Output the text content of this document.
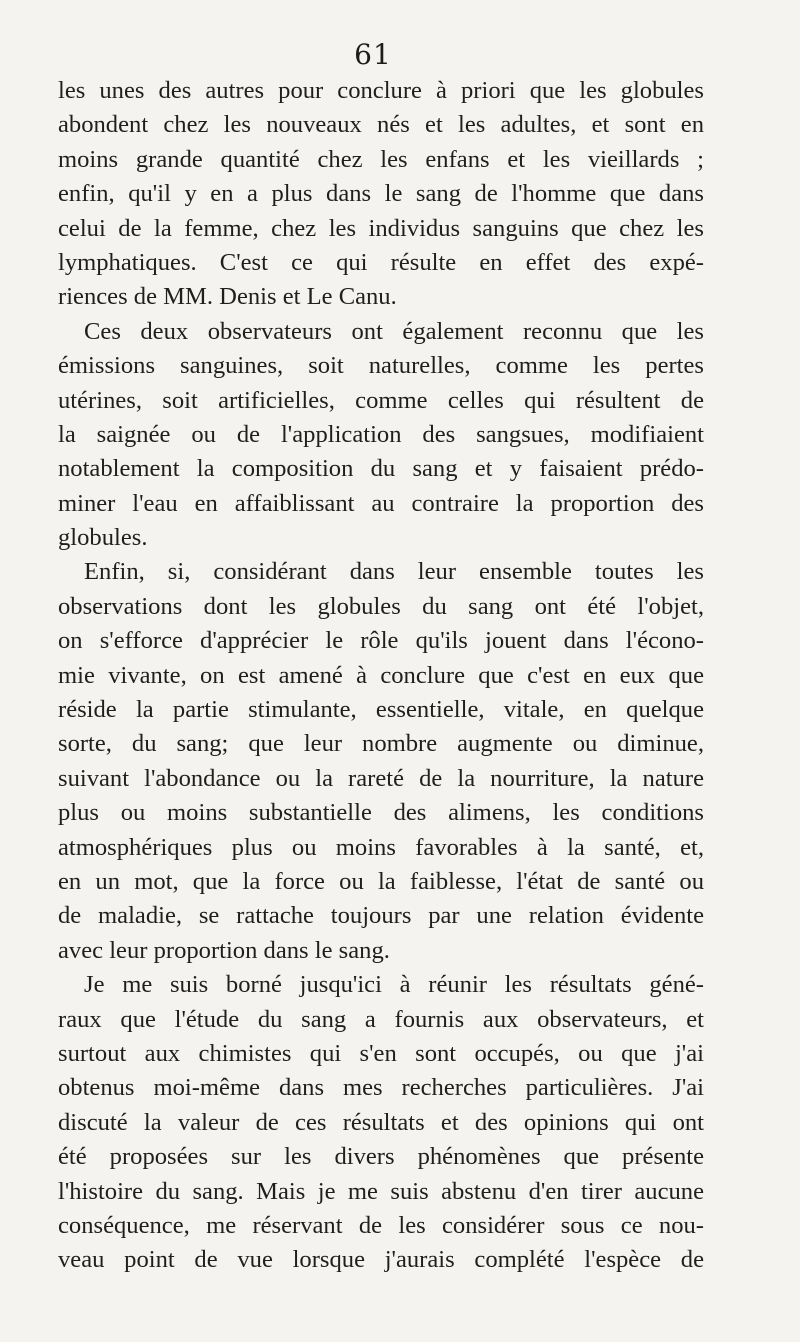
61
les unes des autres pour conclure à priori que les globules
abondent chez les nouveaux nés et les adultes, et sont en
moins grande quantité chez les enfans et les vieillards ;
enfin, qu'il y en a plus dans le sang de l'homme que dans
celui de la femme, chez les individus sanguins que chez les
lymphatiques. C'est ce qui résulte en effet des expé-
riences de MM. Denis et Le Canu.
Ces deux observateurs ont également reconnu que les
émissions sanguines, soit naturelles, comme les pertes
utérines, soit artificielles, comme celles qui résultent de
la saignée ou de l'application des sangsues, modifiaient
notablement la composition du sang et y faisaient prédo-
miner l'eau en affaiblissant au contraire la proportion des
globules.
Enfin, si, considérant dans leur ensemble toutes les
observations dont les globules du sang ont été l'objet,
on s'efforce d'apprécier le rôle qu'ils jouent dans l'écono-
mie vivante, on est amené à conclure que c'est en eux que
réside la partie stimulante, essentielle, vitale, en quelque
sorte, du sang; que leur nombre augmente ou diminue,
suivant l'abondance ou la rareté de la nourriture, la nature
plus ou moins substantielle des alimens, les conditions
atmosphériques plus ou moins favorables à la santé, et,
en un mot, que la force ou la faiblesse, l'état de santé ou
de maladie, se rattache toujours par une relation évidente
avec leur proportion dans le sang.
Je me suis borné jusqu'ici à réunir les résultats géné-
raux que l'étude du sang a fournis aux observateurs, et
surtout aux chimistes qui s'en sont occupés, ou que j'ai
obtenus moi-même dans mes recherches particulières. J'ai
discuté la valeur de ces résultats et des opinions qui ont
été proposées sur les divers phénomènes que présente
l'histoire du sang. Mais je me suis abstenu d'en tirer aucune
conséquence, me réservant de les considérer sous ce nou-
veau point de vue lorsque j'aurais complété l'espèce de
